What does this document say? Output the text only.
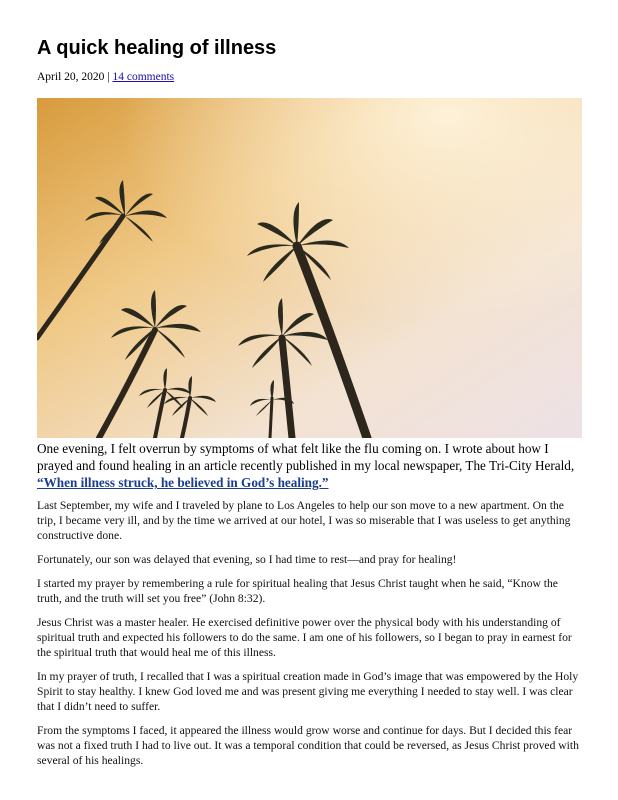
A quick healing of illness
April 20, 2020 | 14 comments

One evening, I felt overrun by symptoms of what felt like the flu coming on. I wrote about how I prayed and found healing in an article recently published in my local newspaper, The Tri-City Herald, “When illness struck, he believed in God’s healing.”

Last September, my wife and I traveled by plane to Los Angeles to help our son move to a new apartment. On the trip, I became very ill, and by the time we arrived at our hotel, I was so miserable that I was useless to get anything constructive done.

Fortunately, our son was delayed that evening, so I had time to rest—and pray for healing!

I started my prayer by remembering a rule for spiritual healing that Jesus Christ taught when he said, “Know the truth, and the truth will set you free” (John 8:32).

Jesus Christ was a master healer. He exercised definitive power over the physical body with his understanding of spiritual truth and expected his followers to do the same. I am one of his followers, so I began to pray in earnest for the spiritual truth that would heal me of this illness.

In my prayer of truth, I recalled that I was a spiritual creation made in God’s image that was empowered by the Holy Spirit to stay healthy. I knew God loved me and was present giving me everything I needed to stay well. I was clear that I didn’t need to suffer.

From the symptoms I faced, it appeared the illness would grow worse and continue for days. But I decided this fear was not a fixed truth I had to live out. It was a temporal condition that could be reversed, as Jesus Christ proved with several of his healings.
